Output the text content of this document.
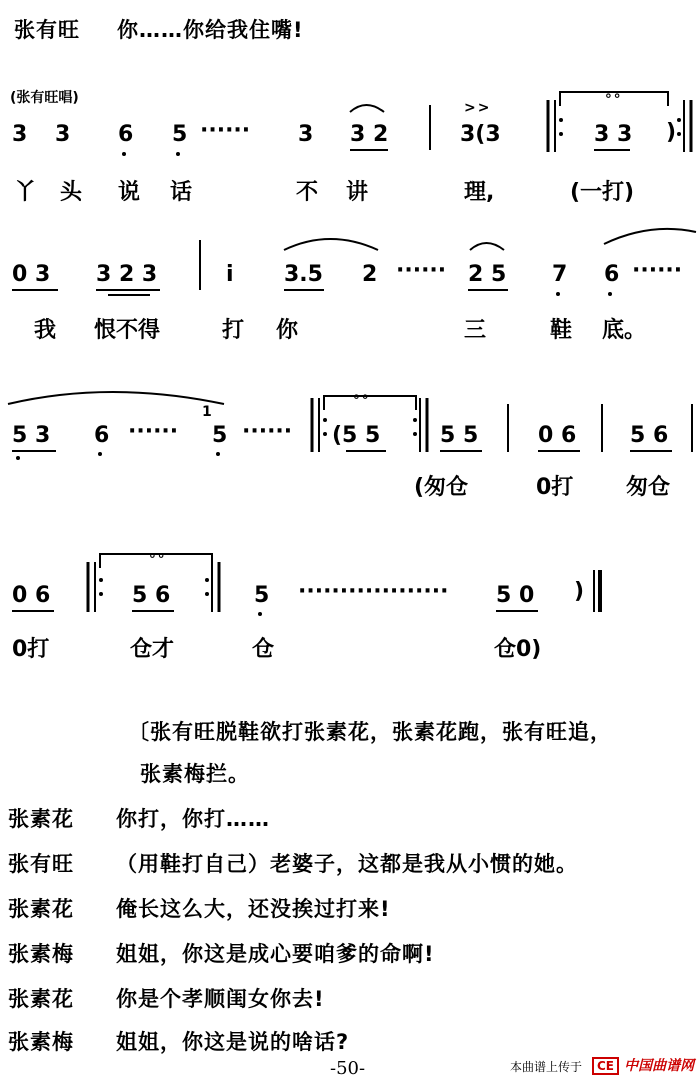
张有旺 你……你给我住嘴!
(张有旺唱)
3 3 6 5 ······ 3 3 2	3(3	3 3 )
>>
∘∘
丫 头 说 话	不 讲	理,	(一打)
0 3 3 2 3	i 3.5 2 ······ 2 5 7 6 ······
我 恨不得	打 你	三	鞋 底。
5 3 6 ······ 5 ······
1
(5 5	5 5	0 6 5 6
∘∘
(匆仓	0打 匆仓
0 6	5 6	5 ·················· 5 0 )
∘∘
0打	仓才	仓	仓0)
〔张有旺脱鞋欲打张素花，张素花跑，张有旺追，
张素梅拦。
张素花 你打，你打……
张有旺 （用鞋打自己）老婆子，这都是我从小惯的她。
张素花 俺长这么大，还没挨过打来!
张素梅 姐姐，你这是成心要咱爹的命啊!
张素花 你是个孝顺闺女你去!
张素梅 姐姐，你这是说的啥话?
-50-	本曲谱上传于	CE 中国曲谱网
